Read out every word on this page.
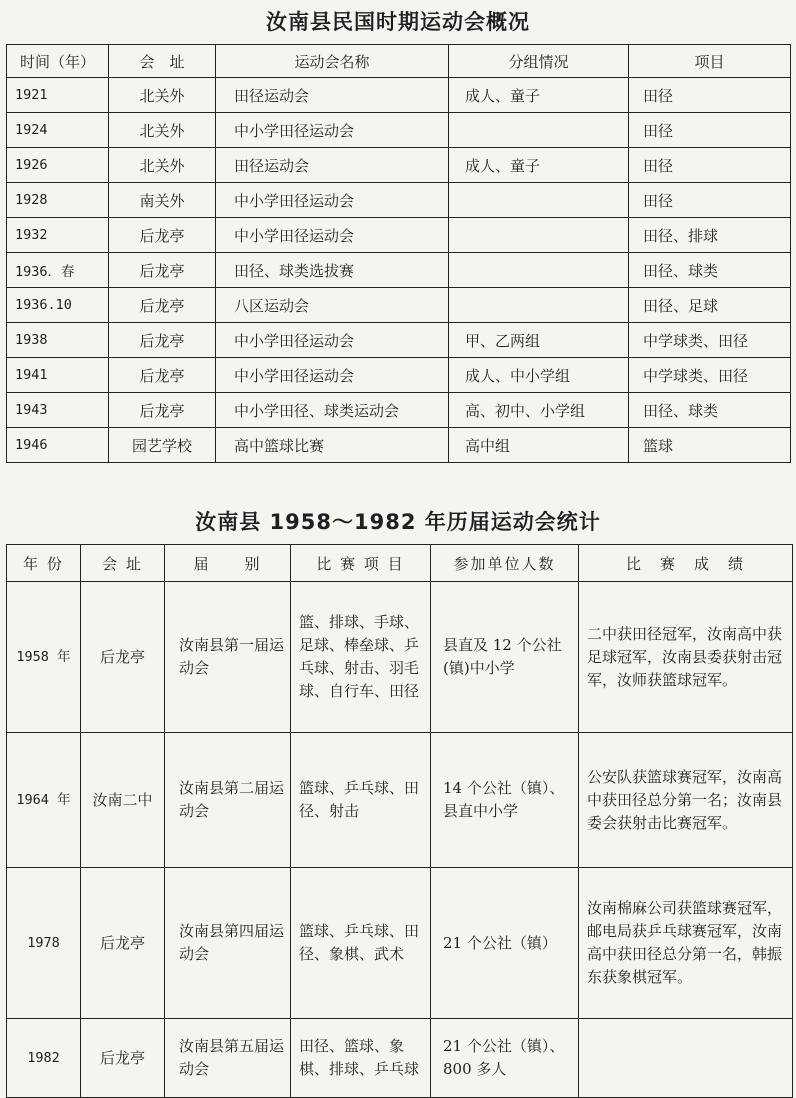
汝南县民国时期运动会概况
时间（年）	会　址	运动会名称	分组情况	项目
1921	北关外	田径运动会	成人、童子	田径
1924	北关外	中小学田径运动会		田径
1926	北关外	田径运动会	成人、童子	田径
1928	南关外	中小学田径运动会		田径
1932	后龙亭	中小学田径运动会		田径、排球
1936．春	后龙亭	田径、球类选拔赛		田径、球类
1936.10	后龙亭	八区运动会		田径、足球
1938	后龙亭	中小学田径运动会	甲、乙两组	中学球类、田径
1941	后龙亭	中小学田径运动会	成人、中小学组	中学球类、田径
1943	后龙亭	中小学田径、球类运动会	高、初中、小学组	田径、球类
1946	园艺学校	高中篮球比赛	高中组	篮球
汝南县 1958～1982 年历届运动会统计
年 份	会 址	届　　别	比 赛 项 目	参加单位人数	比　赛　成　绩
1958 年	后龙亭	汝南县第一届运动会	篮、排球、手球、足球、棒垒球、乒乓球、射击、羽毛球、自行车、田径	县直及 12 个公社(镇)中小学	二中获田径冠军，汝南高中获足球冠军，汝南县委获射击冠军，汝师获篮球冠军。
1964 年	汝南二中	汝南县第二届运动会	篮球、乒乓球、田径、射击	14 个公社（镇）、县直中小学	公安队获篮球赛冠军，汝南高中获田径总分第一名；汝南县委会获射击比赛冠军。
1978	后龙亭	汝南县第四届运动会	篮球、乒乓球、田径、象棋、武术	21 个公社（镇）	汝南棉麻公司获篮球赛冠军，邮电局获乒乓球赛冠军，汝南高中获田径总分第一名，韩振东获象棋冠军。
1982	后龙亭	汝南县第五届运动会	田径、篮球、象棋、排球、乒乓球	21 个公社（镇）、800 多人	
